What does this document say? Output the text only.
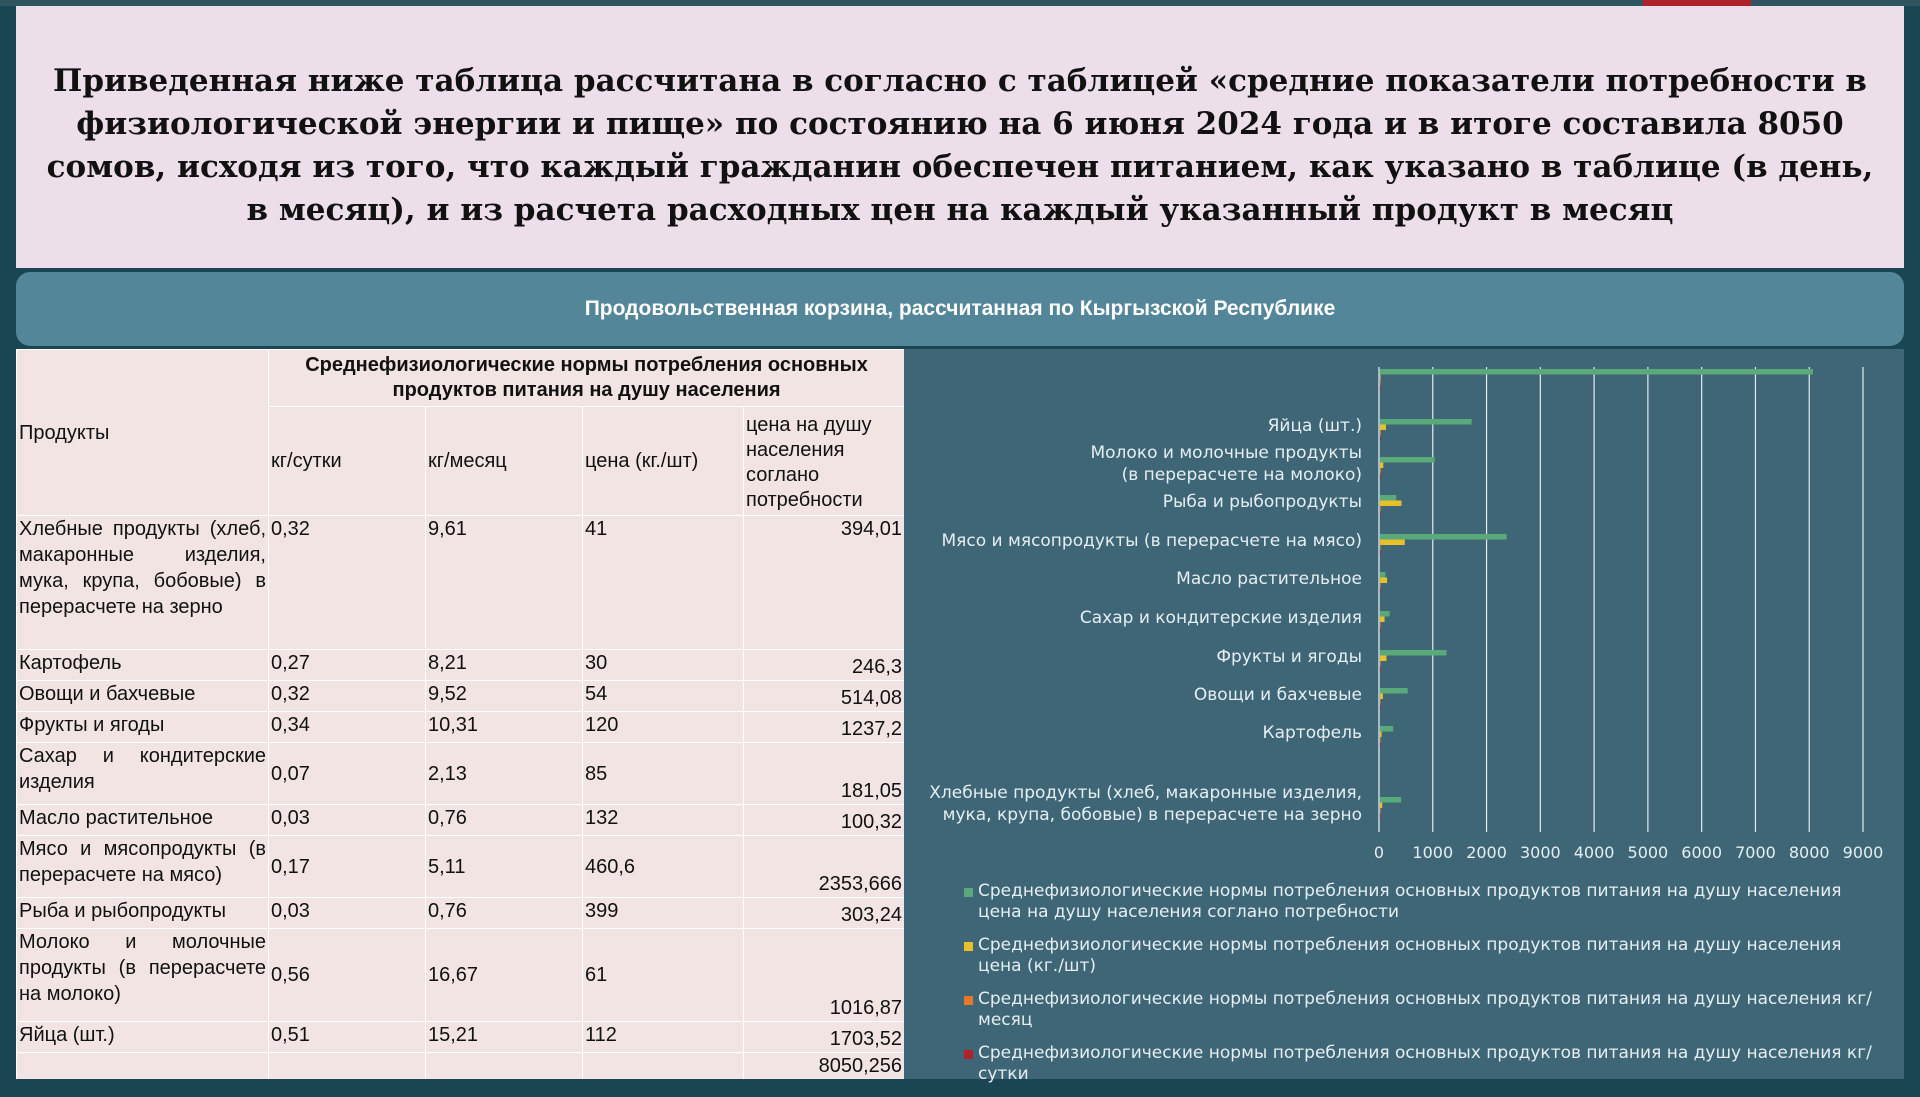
Приведенная ниже таблица рассчитана в согласно с таблицей «средние показатели потребности в физиологической энергии и пище» по состоянию на 6 июня 2024 года и в итоге составила 8050 сомов, исходя из того, что каждый гражданин обеспечен питанием, как указано в таблице (в день, в месяц), и из расчета расходных цен на каждый указанный продукт в месяц
Продовольственная корзина, рассчитанная по Кыргызской Республике
Продукты	Среднефизиологические нормы потребления основных продуктов питания на душу населения			
	кг/сутки	кг/месяц	цена (кг./шт)	цена на душу населения соглано потребности
Хлебные продукты (хлеб, макаронные изделия, мука, крупа, бобовые) в перерасчете на зерно	0,32	9,61	41	394,01
Картофель	0,27	8,21	30	246,3
Овощи и бахчевые	0,32	9,52	54	514,08
Фрукты и ягоды	0,34	10,31	120	1237,2
Сахар и кондитерские изделия	0,07	2,13	85	181,05
Масло растительное	0,03	0,76	132	100,32
Мясо и мясопродукты (в перерасчете на мясо)	0,17	5,11	460,6	2353,666
Рыба и рыбопродукты	0,03	0,76	399	303,24
Молоко и молочные продукты (в перерасчете на молоко)	0,56	16,67	61	1016,87
Яйца (шт.)	0,51	15,21	112	1703,52
				8050,256
0 1000 2000 3000 4000 5000 6000 7000 8000 9000
Хлебные продукты (хлеб, макаронные изделия, мука, крупа, бобовые) в перерасчете на зерно
Картофель
Овощи и бахчевые
Фрукты и ягоды
Сахар и кондитерские изделия
Масло растительное
Мясо и мясопродукты (в перерасчете на мясо)
Рыба и рыбопродукты
Молоко и молочные продукты (в перерасчете на молоко)
Яйца (шт.)
Среднефизиологические нормы потребления основных продуктов питания на душу населения цена на душу населения соглано потребности
Среднефизиологические нормы потребления основных продуктов питания на душу населения цена (кг./шт)
Среднефизиологические нормы потребления основных продуктов питания на душу населения кг/месяц
Среднефизиологические нормы потребления основных продуктов питания на душу населения кг/сутки
